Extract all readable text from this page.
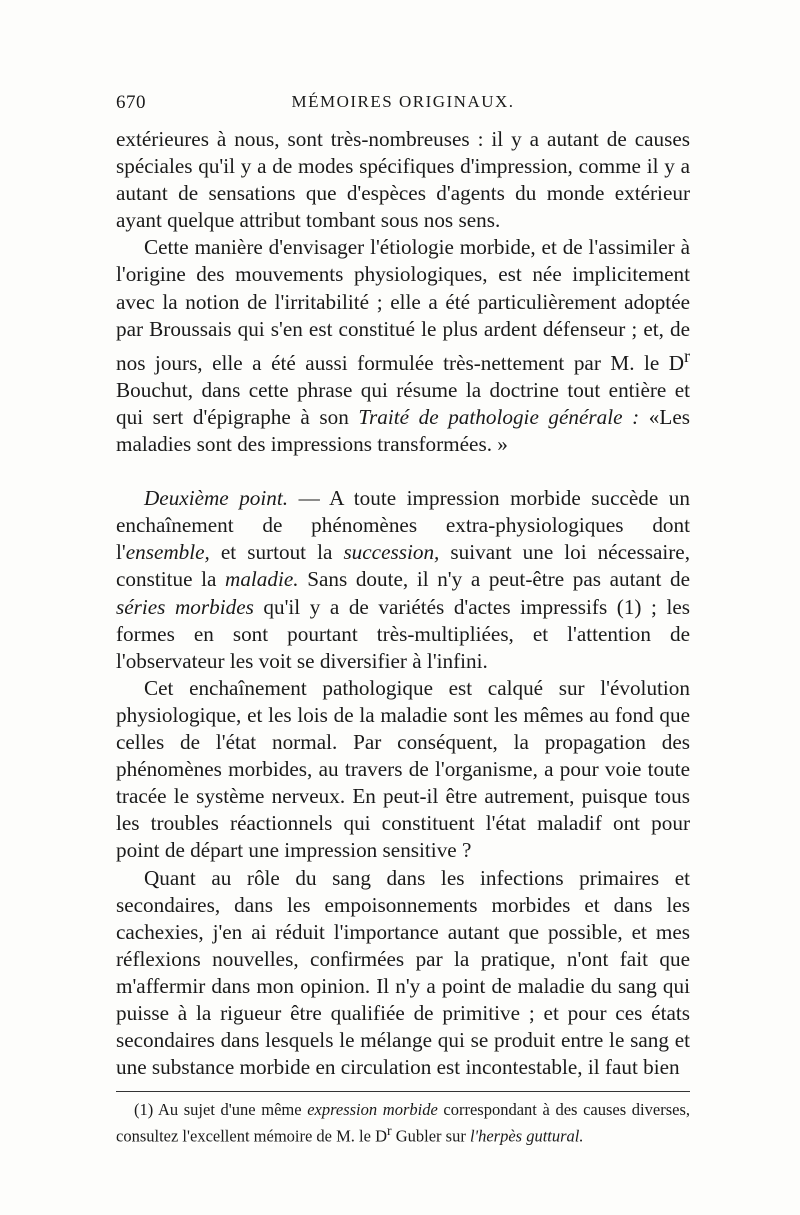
670	MÉMOIRES ORIGINAUX.

extérieures à nous, sont très-nombreuses : il y a autant de causes spéciales qu'il y a de modes spécifiques d'impression, comme il y a autant de sensations que d'espèces d'agents du monde extérieur ayant quelque attribut tombant sous nos sens.

Cette manière d'envisager l'étiologie morbide, et de l'assimiler à l'origine des mouvements physiologiques, est née implicitement avec la notion de l'irritabilité ; elle a été particulièrement adoptée par Broussais qui s'en est constitué le plus ardent défenseur ; et, de nos jours, elle a été aussi formulée très-nettement par M. le $D^r$ Bouchut, dans cette phrase qui résume la doctrine tout entière et qui sert d'épigraphe à son Traité de pathologie générale : «Les maladies sont des impressions transformées. »

Deuxième point. — A toute impression morbide succède un enchaînement de phénomènes extra-physiologiques dont l'ensemble, et surtout la succession, suivant une loi nécessaire, constitue la maladie. Sans doute, il n'y a peut-être pas autant de séries morbides qu'il y a de variétés d'actes impressifs (1) ; les formes en sont pourtant très-multipliées, et l'attention de l'observateur les voit se diversifier à l'infini.

Cet enchaînement pathologique est calqué sur l'évolution physiologique, et les lois de la maladie sont les mêmes au fond que celles de l'état normal. Par conséquent, la propagation des phénomènes morbides, au travers de l'organisme, a pour voie toute tracée le système nerveux. En peut-il être autrement, puisque tous les troubles réactionnels qui constituent l'état maladif ont pour point de départ une impression sensitive ?

Quant au rôle du sang dans les infections primaires et secondaires, dans les empoisonnements morbides et dans les cachexies, j'en ai réduit l'importance autant que possible, et mes réflexions nouvelles, confirmées par la pratique, n'ont fait que m'affermir dans mon opinion. Il n'y a point de maladie du sang qui puisse à la rigueur être qualifiée de primitive ; et pour ces états secondaires dans lesquels le mélange qui se produit entre le sang et une substance morbide en circulation est incontestable, il faut bien

(1) Au sujet d'une même expression morbide correspondant à des causes diverses, consultez l'excellent mémoire de M. le $D^r$ Gubler sur l'herpès guttural.
